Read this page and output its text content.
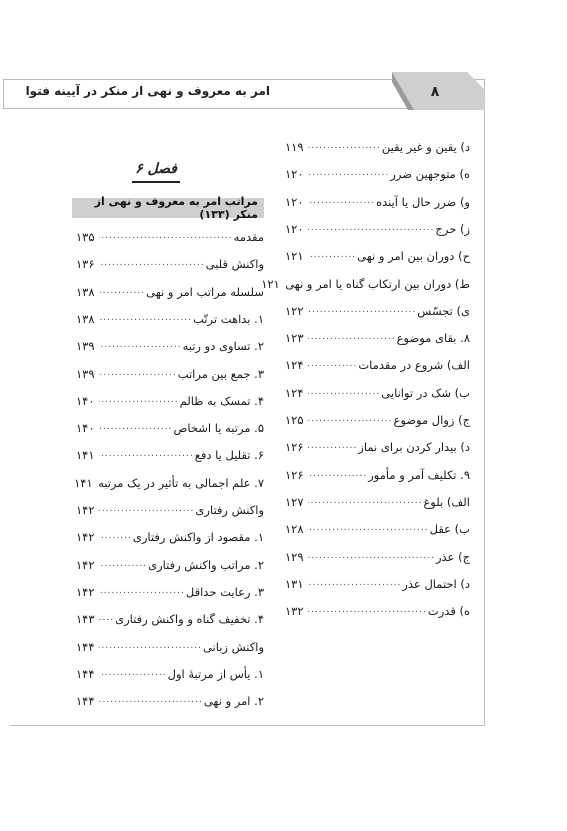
۸
امر به معروف و نهی از منکر در آیینه فتوا
د) یقین و غیر یقین
.....
۱۱۹
ه) متوجهین ضرر
.....
۱۲۰
و) ضرر حال یا آینده
.....
۱۲۰
ز) حرج
.....
۱۲۰
ح) دوران بین امر و نهی
.....
۱۲۱
ط) دوران بین ارتکاب گناه یا امر و نهی
۱۲۱
ی) تجسّس
.....
۱۲۲
۸. بقای موضوع
.....
۱۲۳
الف) شروع در مقدمات
.....
۱۲۴
ب) شک در توانایی
.....
۱۲۴
ج) زوال موضوع
.....
۱۲۵
د) بیدار کردن برای نماز
.....
۱۲۶
۹. تکلیف آمر و مأمور
.....
۱۲۶
الف) بلوغ
.....
۱۲۷
ب) عقل
.....
۱۲۸
ج) عذر
.....
۱۲۹
د) احتمال عذر
.....
۱۳۱
ه) قدرت
.....
۱۳۲
فصل ۶
مراتب امر به معروف و نهی از منکر (۱۳۳)
مقدمه
.....
۱۳۵
واکنش قلبی
.....
۱۳۶
سلسله مراتب امر و نهی
.....
۱۳۸
۱. بداهت ترتّب
.....
۱۳۸
۲. تساوی دو رتبه
.....
۱۳۹
۳. جمع بین مراتب
.....
۱۳۹
۴. تمسک به ظالم
.....
۱۴۰
۵. مرتبه یا اشخاص
.....
۱۴۰
۶. تقلیل یا دفع
.....
۱۴۱
۷. علم اجمالی به تأثیر در یک مرتبه
۱۴۱
واکنش رفتاری
.....
۱۴۲
۱. مقصود از واکنش رفتاری
.....
۱۴۲
۲. مراتب واکنش رفتاری
.....
۱۴۲
۳. رعایت حداقل
.....
۱۴۲
۴. تخفیف گناه و واکنش رفتاری
.....
۱۴۳
واکنش زبانی
.....
۱۴۴
۱. یأس از مرتبهٔ اول
.....
۱۴۴
۲. امر و نهی
.....
۱۴۴
